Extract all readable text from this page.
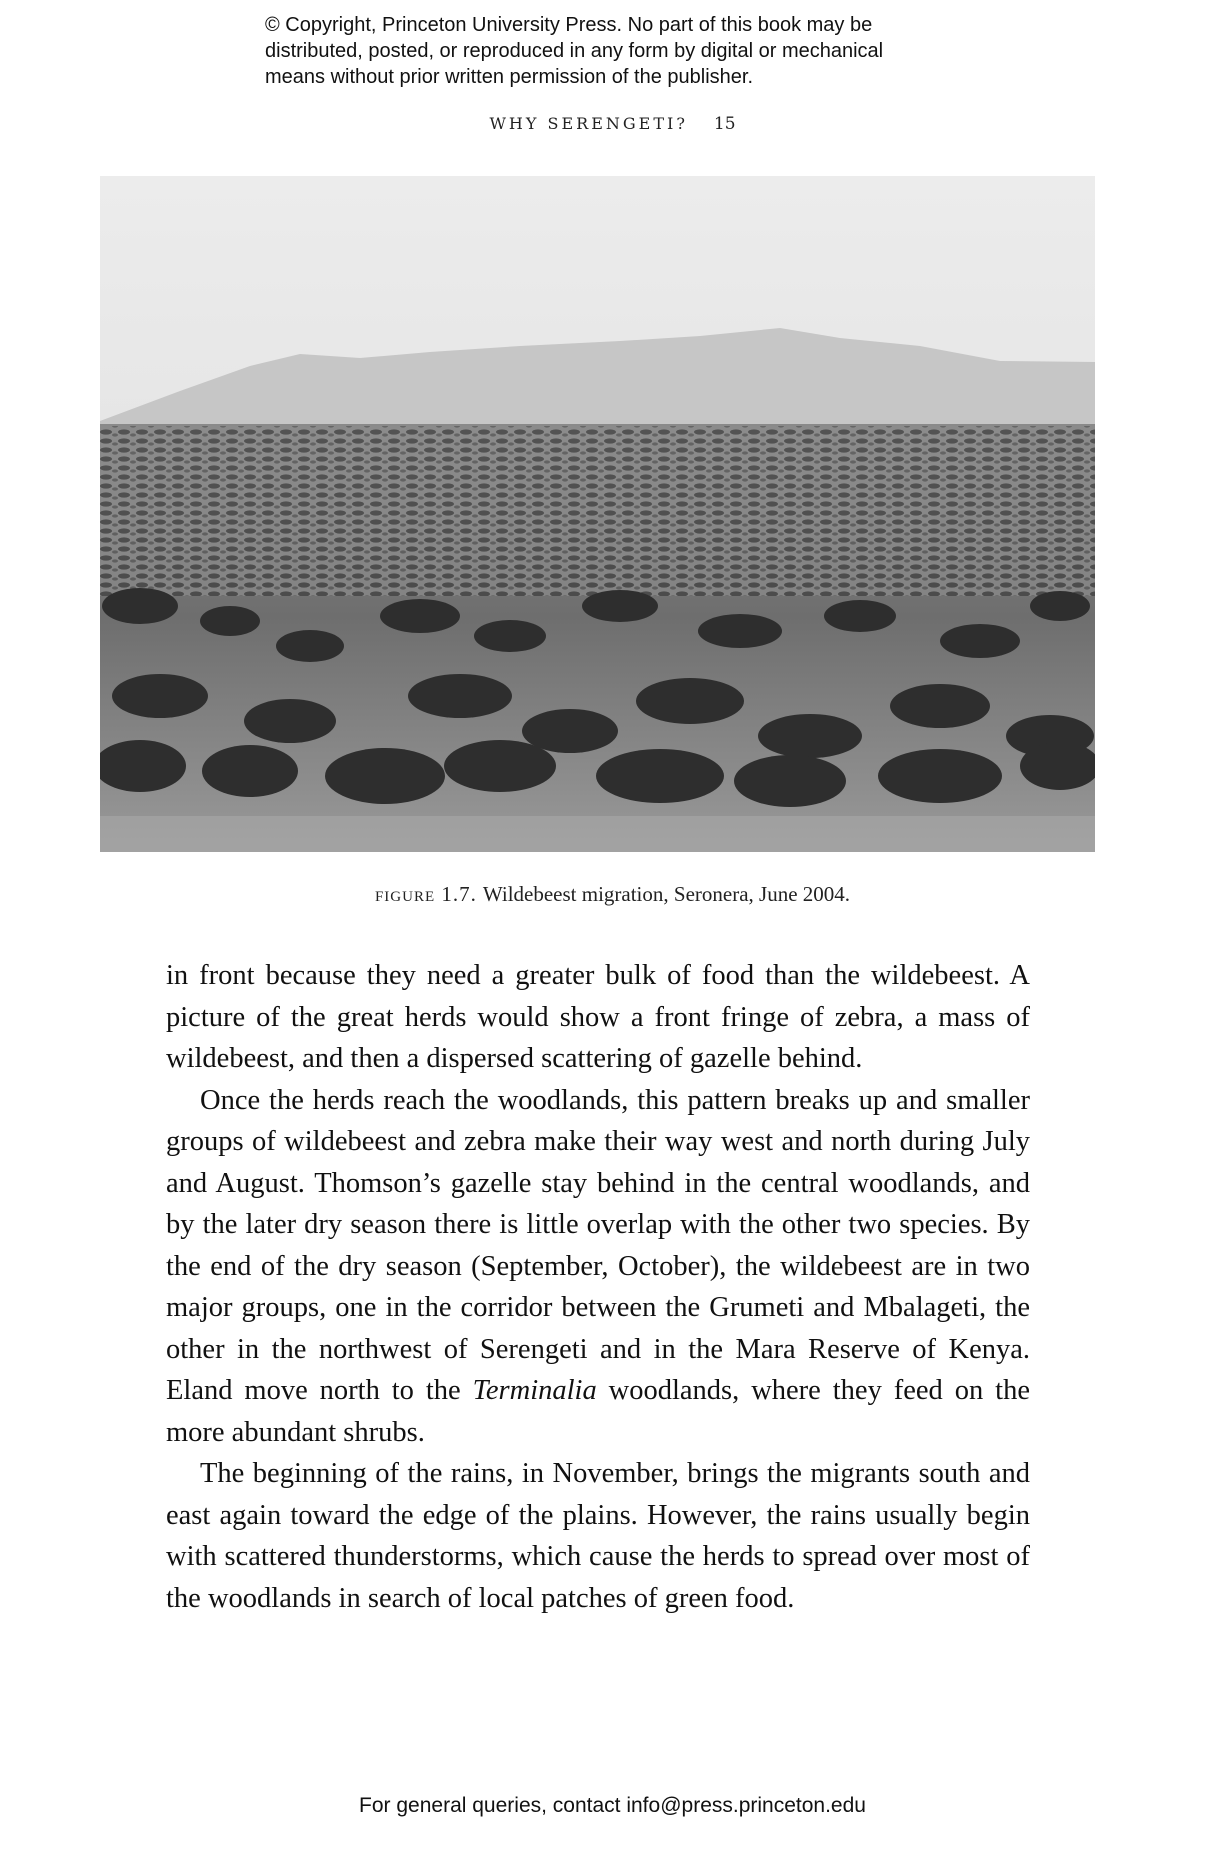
© Copyright, Princeton University Press. No part of this book may be
distributed, posted, or reproduced in any form by digital or mechanical
means without prior written permission of the publisher.
WHY SERENGETI? 15
figure 1.7. Wildebeest migration, Seronera, June 2004.

in front because they need a greater bulk of food than the wildebeest. A picture of the great herds would show a front fringe of zebra, a mass of wildebeest, and then a dispersed scattering of gazelle behind.

Once the herds reach the woodlands, this pattern breaks up and smaller groups of wildebeest and zebra make their way west and north during July and August. Thomson’s gazelle stay behind in the central woodlands, and by the later dry season there is little overlap with the other two species. By the end of the dry season (September, October), the wildebeest are in two major groups, one in the corridor between the Grumeti and Mbalageti, the other in the northwest of Serengeti and in the Mara Reserve of Kenya. Eland move north to the Terminalia woodlands, where they feed on the more abundant shrubs.

The beginning of the rains, in November, brings the migrants south and east again toward the edge of the plains. However, the rains usually begin with scattered thunderstorms, which cause the herds to spread over most of the woodlands in search of local patches of green food.

For general queries, contact info@press.princeton.edu
